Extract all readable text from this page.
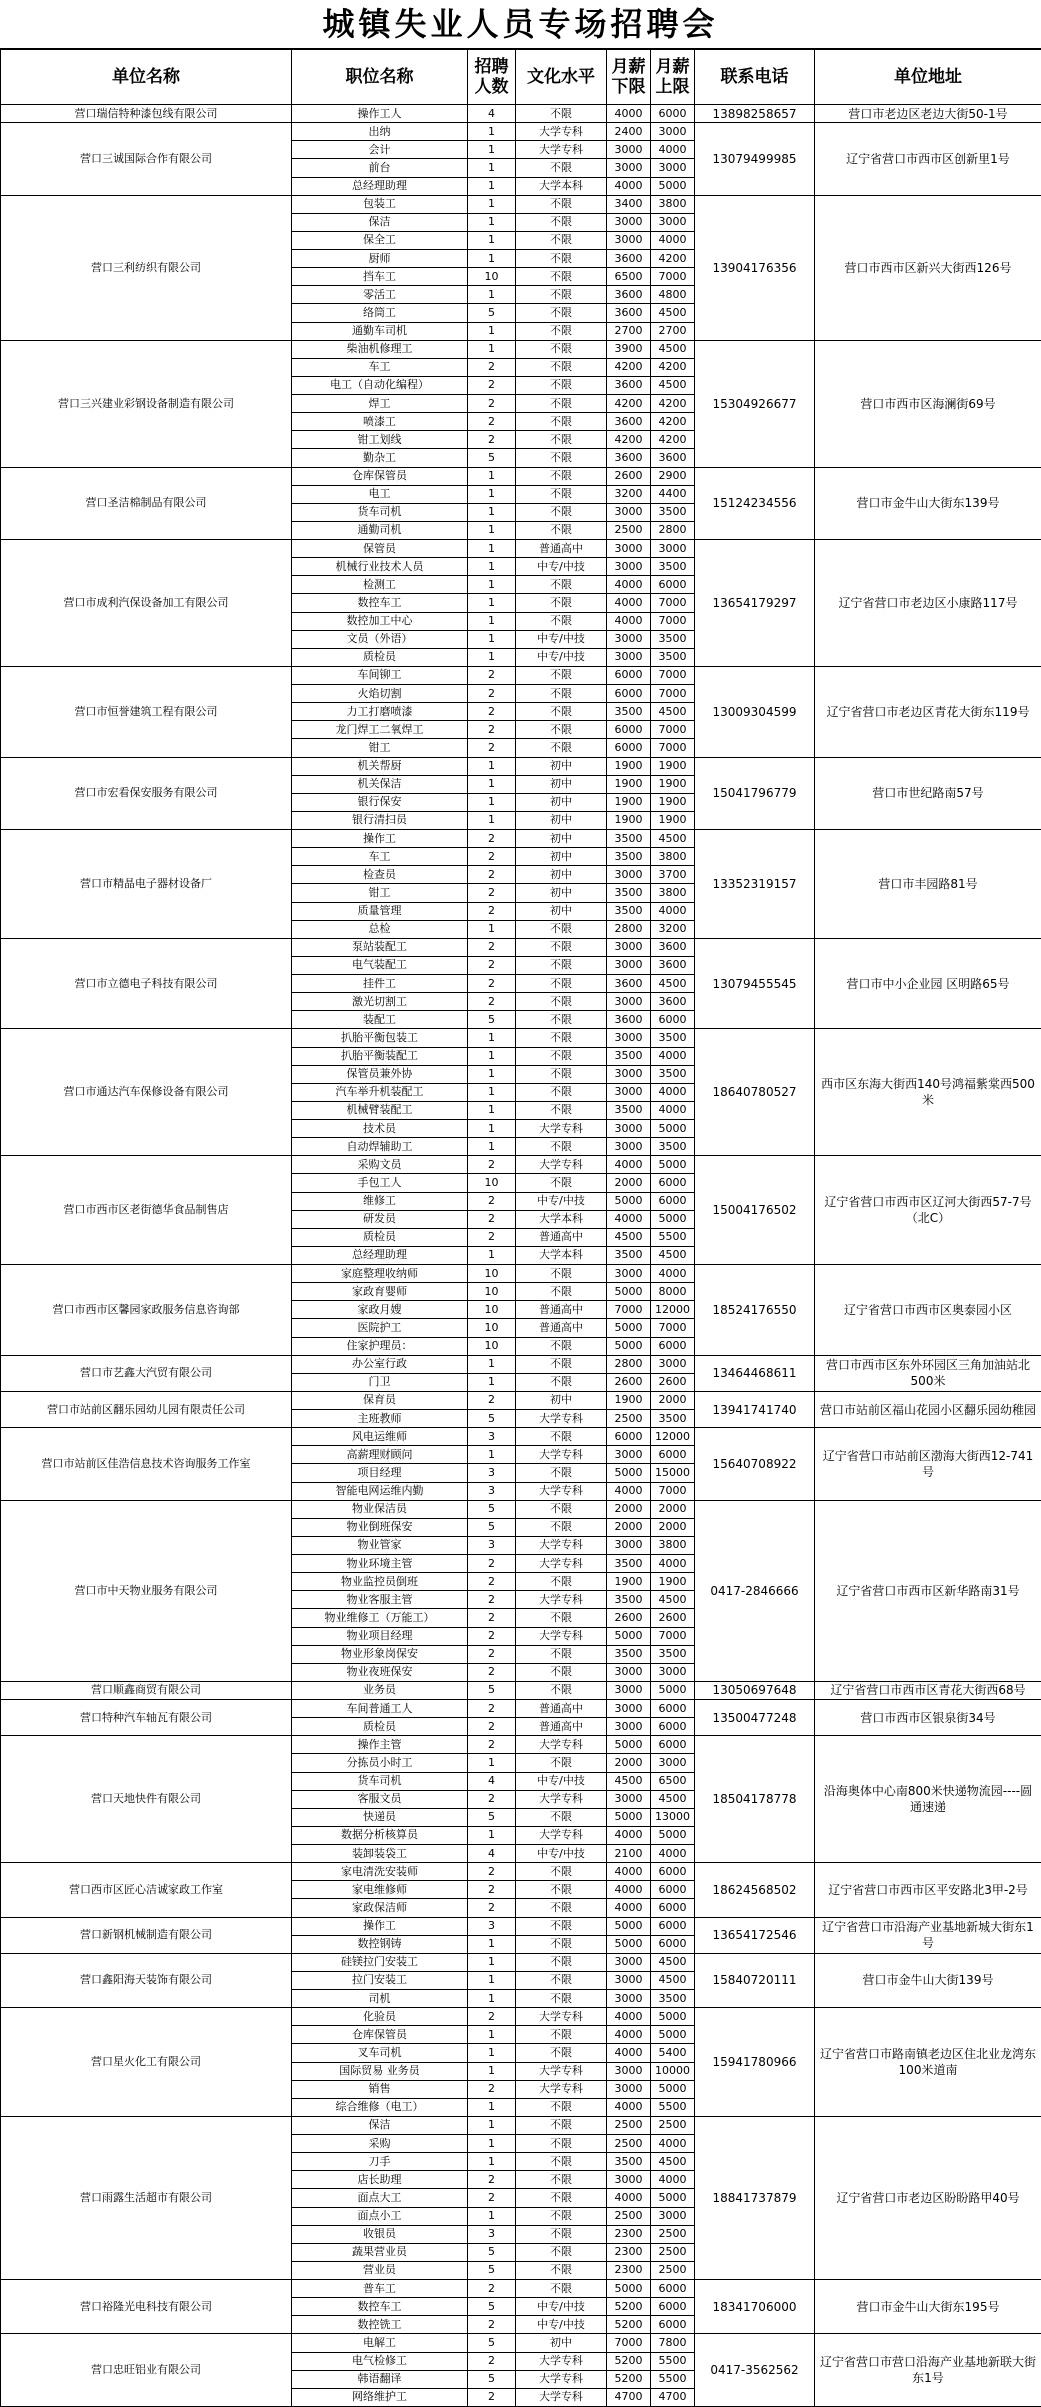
城镇失业人员专场招聘会
单位名称	职位名称	招聘人数	文化水平	月薪下限	月薪上限	联系电话	单位地址
营口瑞信特种漆包线有限公司	操作工人	4	不限	4000	6000	13898258657	营口市老边区老边大街50-1号
营口三诚国际合作有限公司	出纳	1	大学专科	2400	3000	13079499985	辽宁省营口市西市区创新里1号
	会计	1	大学专科	3000	4000		
	前台	1	不限	3000	3000		
	总经理助理	1	大学本科	4000	5000		
营口三利纺织有限公司	包装工	1	不限	3400	3800	13904176356	营口市西市区新兴大街西126号
	保洁	1	不限	3000	3000		
	保全工	1	不限	3000	4000		
	厨师	1	不限	3600	4200		
	挡车工	10	不限	6500	7000		
	零活工	1	不限	3600	4800		
	络筒工	5	不限	3600	4500		
	通勤车司机	1	不限	2700	2700		
营口三兴建业彩钢设备制造有限公司	柴油机修理工	1	不限	3900	4500	15304926677	营口市西市区海澜街69号
	车工	2	不限	4200	4200		
	电工（自动化编程）	2	不限	3600	4500		
	焊工	2	不限	4200	4200		
	喷漆工	2	不限	3600	4200		
	钳工划线	2	不限	4200	4200		
	勤杂工	5	不限	3600	3600		
营口圣洁棉制品有限公司	仓库保管员	1	不限	2600	2900	15124234556	营口市金牛山大街东139号
	电工	1	不限	3200	4400		
	货车司机	1	不限	3000	3500		
	通勤司机	1	不限	2500	2800		
营口市成利汽保设备加工有限公司	保管员	1	普通高中	3000	3000	13654179297	辽宁省营口市老边区小康路117号
	机械行业技术人员	1	中专/中技	3000	3500		
	检测工	1	不限	4000	6000		
	数控车工	1	不限	4000	7000		
	数控加工中心	1	不限	4000	7000		
	文员（外语）	1	中专/中技	3000	3500		
	质检员	1	中专/中技	3000	3500		
营口市恒誉建筑工程有限公司	车间铆工	2	不限	6000	7000	13009304599	辽宁省营口市老边区青花大街东119号
	火焰切割	2	不限	6000	7000		
	力工打磨喷漆	2	不限	3500	4500		
	龙门焊工二氧焊工	2	不限	6000	7000		
	钳工	2	不限	6000	7000		
营口市宏看保安服务有限公司	机关帮厨	1	初中	1900	1900	15041796779	营口市世纪路南57号
	机关保洁	1	初中	1900	1900		
	银行保安	1	初中	1900	1900		
	银行清扫员	1	初中	1900	1900		
营口市精晶电子器材设备厂	操作工	2	初中	3500	4500	13352319157	营口市丰园路81号
	车工	2	初中	3500	3800		
	检查员	2	初中	3000	3700		
	钳工	2	初中	3500	3800		
	质量管理	2	初中	3500	4000		
	总检	1	不限	2800	3200		
营口市立德电子科技有限公司	泵站装配工	2	不限	3000	3600	13079455545	营口市中小企业园 区明路65号
	电气装配工	2	不限	3000	3600		
	挂件工	2	不限	3600	4500		
	激光切割工	2	不限	3000	3600		
	装配工	5	不限	3600	6000		
营口市通达汽车保修设备有限公司	扒胎平衡包装工	1	不限	3000	3500	18640780527	西市区东海大街西140号鸿福紫棠西500米
	扒胎平衡装配工	1	不限	3500	4000		
	保管员兼外协	1	不限	3000	3500		
	汽车举升机装配工	1	不限	3000	4000		
	机械臂装配工	1	不限	3500	4000		
	技术员	1	大学专科	3000	5000		
	自动焊辅助工	1	不限	3000	3500		
营口市西市区老街德华食品制售店	采购文员	2	大学专科	4000	5000	15004176502	辽宁省营口市西市区辽河大街西57-7号（北C）
	手包工人	10	不限	2000	6000		
	维修工	2	中专/中技	5000	6000		
	研发员	2	大学本科	4000	5000		
	质检员	2	普通高中	4500	5500		
	总经理助理	1	大学本科	3500	4500		
营口市西市区馨园家政服务信息咨询部	家庭整理收纳师	10	不限	3000	4000	18524176550	辽宁省营口市西市区奥泰园小区
	家政育婴师	10	不限	5000	8000		
	家政月嫂	10	普通高中	7000	12000		
	医院护工	10	普通高中	5000	7000		
	住家护理员：	10	不限	5000	6000		
营口市艺鑫大汽贸有限公司	办公室行政	1	不限	2800	3000	13464468611	营口市西市区东外环园区三角加油站北500米
	门卫	1	不限	2600	2600		
营口市站前区翻乐园幼儿园有限责任公司	保育员	2	初中	1900	2000	13941741740	营口市站前区福山花园小区翻乐园幼稚园
	主班教师	5	大学专科	2500	3500		
营口市站前区佳浩信息技术咨询服务工作室	风电运维师	3	不限	6000	12000	15640708922	辽宁省营口市站前区渤海大街西12-741号
	高薪理财顾问	1	大学专科	3000	6000		
	项目经理	3	不限	5000	15000		
	智能电网运维内勤	3	大学专科	4000	7000		
营口市中天物业服务有限公司	物业保洁员	5	不限	2000	2000	0417-2846666	辽宁省营口市西市区新华路南31号
	物业倒班保安	5	不限	2000	2000		
	物业管家	3	大学专科	3000	3800		
	物业环境主管	2	大学专科	3500	4000		
	物业监控员倒班	2	不限	1900	1900		
	物业客服主管	2	大学专科	3500	4500		
	物业维修工（万能工）	2	不限	2600	2600		
	物业项目经理	2	大学专科	5000	7000		
	物业形象岗保安	2	不限	3500	3500		
	物业夜班保安	2	不限	3000	3000		
营口顺鑫商贸有限公司	业务员	5	不限	3000	5000	13050697648	辽宁省营口市西市区青花大街西68号
营口特种汽车轴瓦有限公司	车间普通工人	2	普通高中	3000	6000	13500477248	营口市西市区银泉街34号
	质检员	2	普通高中	3000	6000		
营口天地快件有限公司	操作主管	2	大学专科	5000	6000	18504178778	沿海奥体中心南800米快递物流园----圆通速递
	分拣员小时工	1	不限	2000	3000		
	货车司机	4	中专/中技	4500	6500		
	客服文员	2	大学专科	3000	4500		
	快递员	5	不限	5000	13000		
	数据分析核算员	1	大学专科	4000	5000		
	装卸装袋工	4	中专/中技	2100	4000		
营口西市区匠心洁诚家政工作室	家电清洗安装师	2	不限	4000	6000	18624568502	辽宁省营口市西市区平安路北3甲-2号
	家电维修师	2	不限	4000	6000		
	家政保洁师	2	不限	4000	6000		
营口新钢机械制造有限公司	操作工	3	不限	5000	6000	13654172546	辽宁省营口市沿海产业基地新城大街东1号
	数控钢铸	1	不限	5000	6000		
营口鑫阳海天装饰有限公司	硅镁拉门安装工	1	不限	3000	4500	15840720111	营口市金牛山大街139号
	拉门安装工	1	不限	3000	4500		
	司机	1	不限	3000	3500		
营口星火化工有限公司	化验员	2	大学专科	4000	5000	15941780966	辽宁省营口市路南镇老边区住北业龙湾东100米道南
	仓库保管员	1	不限	4000	5000		
	叉车司机	1	不限	4000	5400		
	国际贸易 业务员	1	大学专科	3000	10000		
	销售	2	大学专科	3000	5000		
	综合维修（电工）	1	不限	4000	5500		
营口雨露生活超市有限公司	保洁	1	不限	2500	2500	18841737879	辽宁省营口市老边区盼盼路甲40号
	采购	1	不限	2500	4000		
	刀手	1	不限	3500	4500		
	店长助理	2	不限	3000	4000		
	面点大工	2	不限	4000	5000		
	面点小工	1	不限	2500	3000		
	收银员	3	不限	2300	2500		
	蔬果营业员	5	不限	2300	2500		
	营业员	5	不限	2300	2500		
营口裕隆光电科技有限公司	普车工	2	不限	5000	6000	18341706000	营口市金牛山大街东195号
	数控车工	5	中专/中技	5200	6000		
	数控铣工	2	中专/中技	5200	6000		
营口忠旺铝业有限公司	电解工	5	初中	7000	7800	0417-3562562	辽宁省营口市营口沿海产业基地新联大街东1号
	电气检修工	2	大学专科	5200	5500		
	韩语翻译	5	大学专科	5200	5500		
	网络维护工	2	大学专科	4700	4700		
